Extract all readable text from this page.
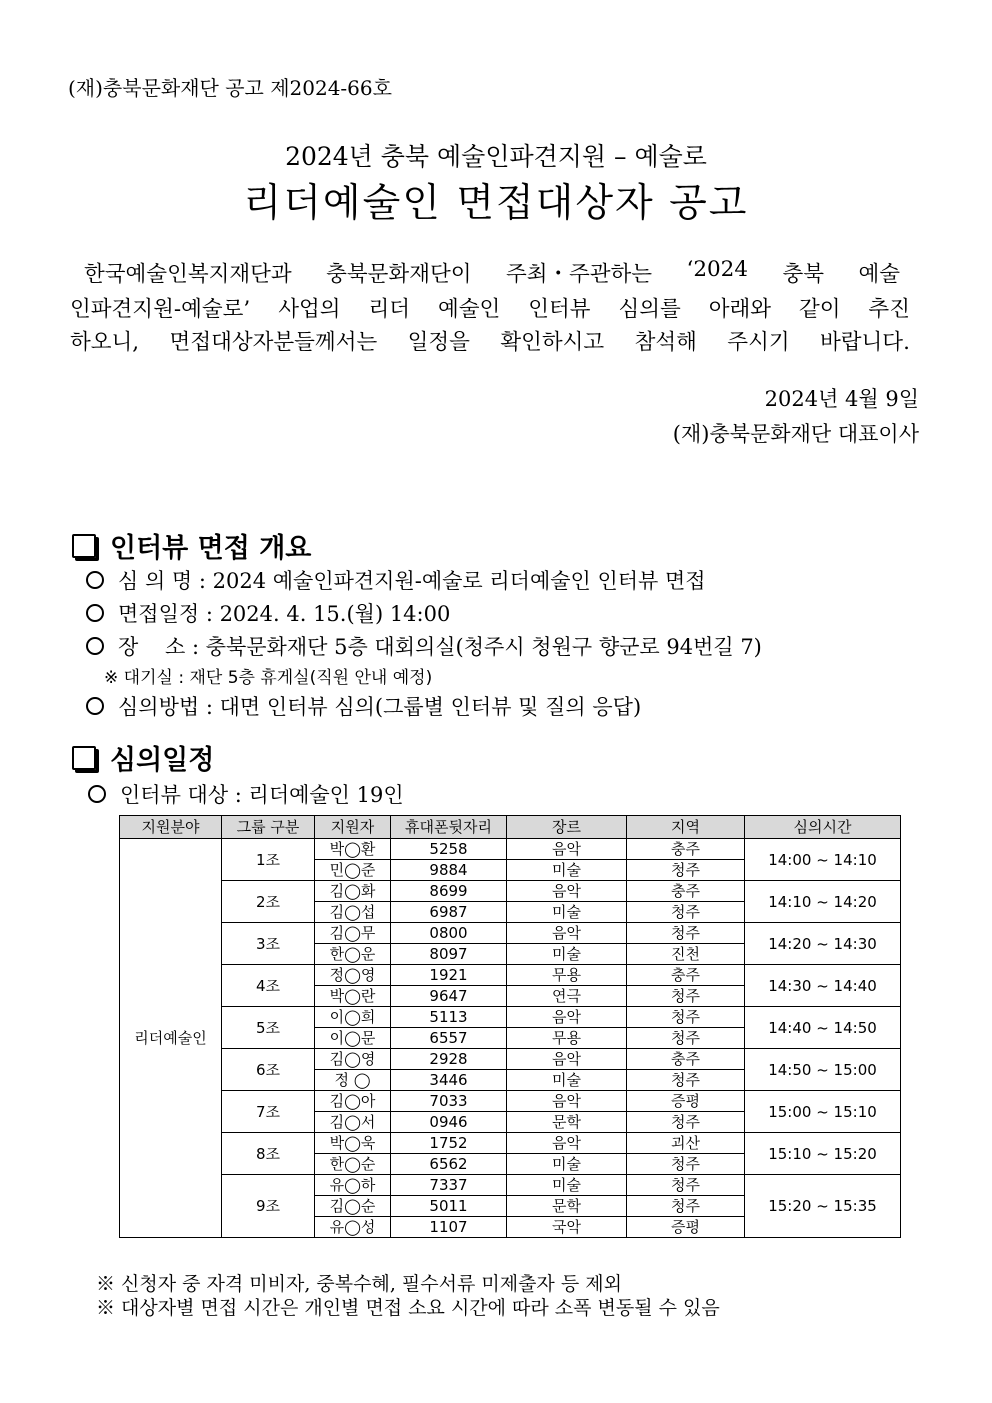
(재)충북문화재단 공고 제2024-66호
2024년 충북 예술인파견지원 – 예술로
리더예술인 면접대상자 공고
한국예술인복지재단과 충북문화재단이 주최・주관하는 ‘2024 충북 예술
인파견지원-예술로’ 사업의 리더 예술인 인터뷰 심의를 아래와 같이 추진
하오니, 면접대상자분들께서는 일정을 확인하시고 참석해 주시기 바랍니다.
2024년 4월 9일
(재)충북문화재단 대표이사
인터뷰 면접 개요
심 의 명 : 2024 예술인파견지원-예술로 리더예술인 인터뷰 면접
면접일정 : 2024. 4. 15.(월) 14:00
장    소 : 충북문화재단 5층 대회의실(청주시 청원구 향군로 94번길 7)
※ 대기실 : 재단 5층 휴게실(직원 안내 예정)
심의방법 : 대면 인터뷰 심의(그룹별 인터뷰 및 질의 응답)
심의일정
인터뷰 대상 : 리더예술인 19인
지원분야	그룹 구분	지원자	휴대폰뒷자리	장르	지역	심의시간
리더예술인	1조	박◯환	5258	음악	충주	14:00 ~ 14:10
		민◯준	9884	미술	청주	
	2조	김◯화	8699	음악	충주	14:10 ~ 14:20
		김◯섭	6987	미술	청주	
	3조	김◯무	0800	음악	청주	14:20 ~ 14:30
		한◯운	8097	미술	진천	
	4조	정◯영	1921	무용	충주	14:30 ~ 14:40
		박◯란	9647	연극	청주	
	5조	이◯희	5113	음악	청주	14:40 ~ 14:50
		이◯문	6557	무용	청주	
	6조	김◯영	2928	음악	충주	14:50 ~ 15:00
		정 ◯	3446	미술	청주	
	7조	김◯아	7033	음악	증평	15:00 ~ 15:10
		김◯서	0946	문학	청주	
	8조	박◯욱	1752	음악	괴산	15:10 ~ 15:20
		한◯순	6562	미술	청주	
	9조	유◯하	7337	미술	청주	15:20 ~ 15:35
		김◯순	5011	문학	청주	
		유◯성	1107	국악	증평	
※ 신청자 중 자격 미비자, 중복수혜, 필수서류 미제출자 등 제외
※ 대상자별 면접 시간은 개인별 면접 소요 시간에 따라 소폭 변동될 수 있음
